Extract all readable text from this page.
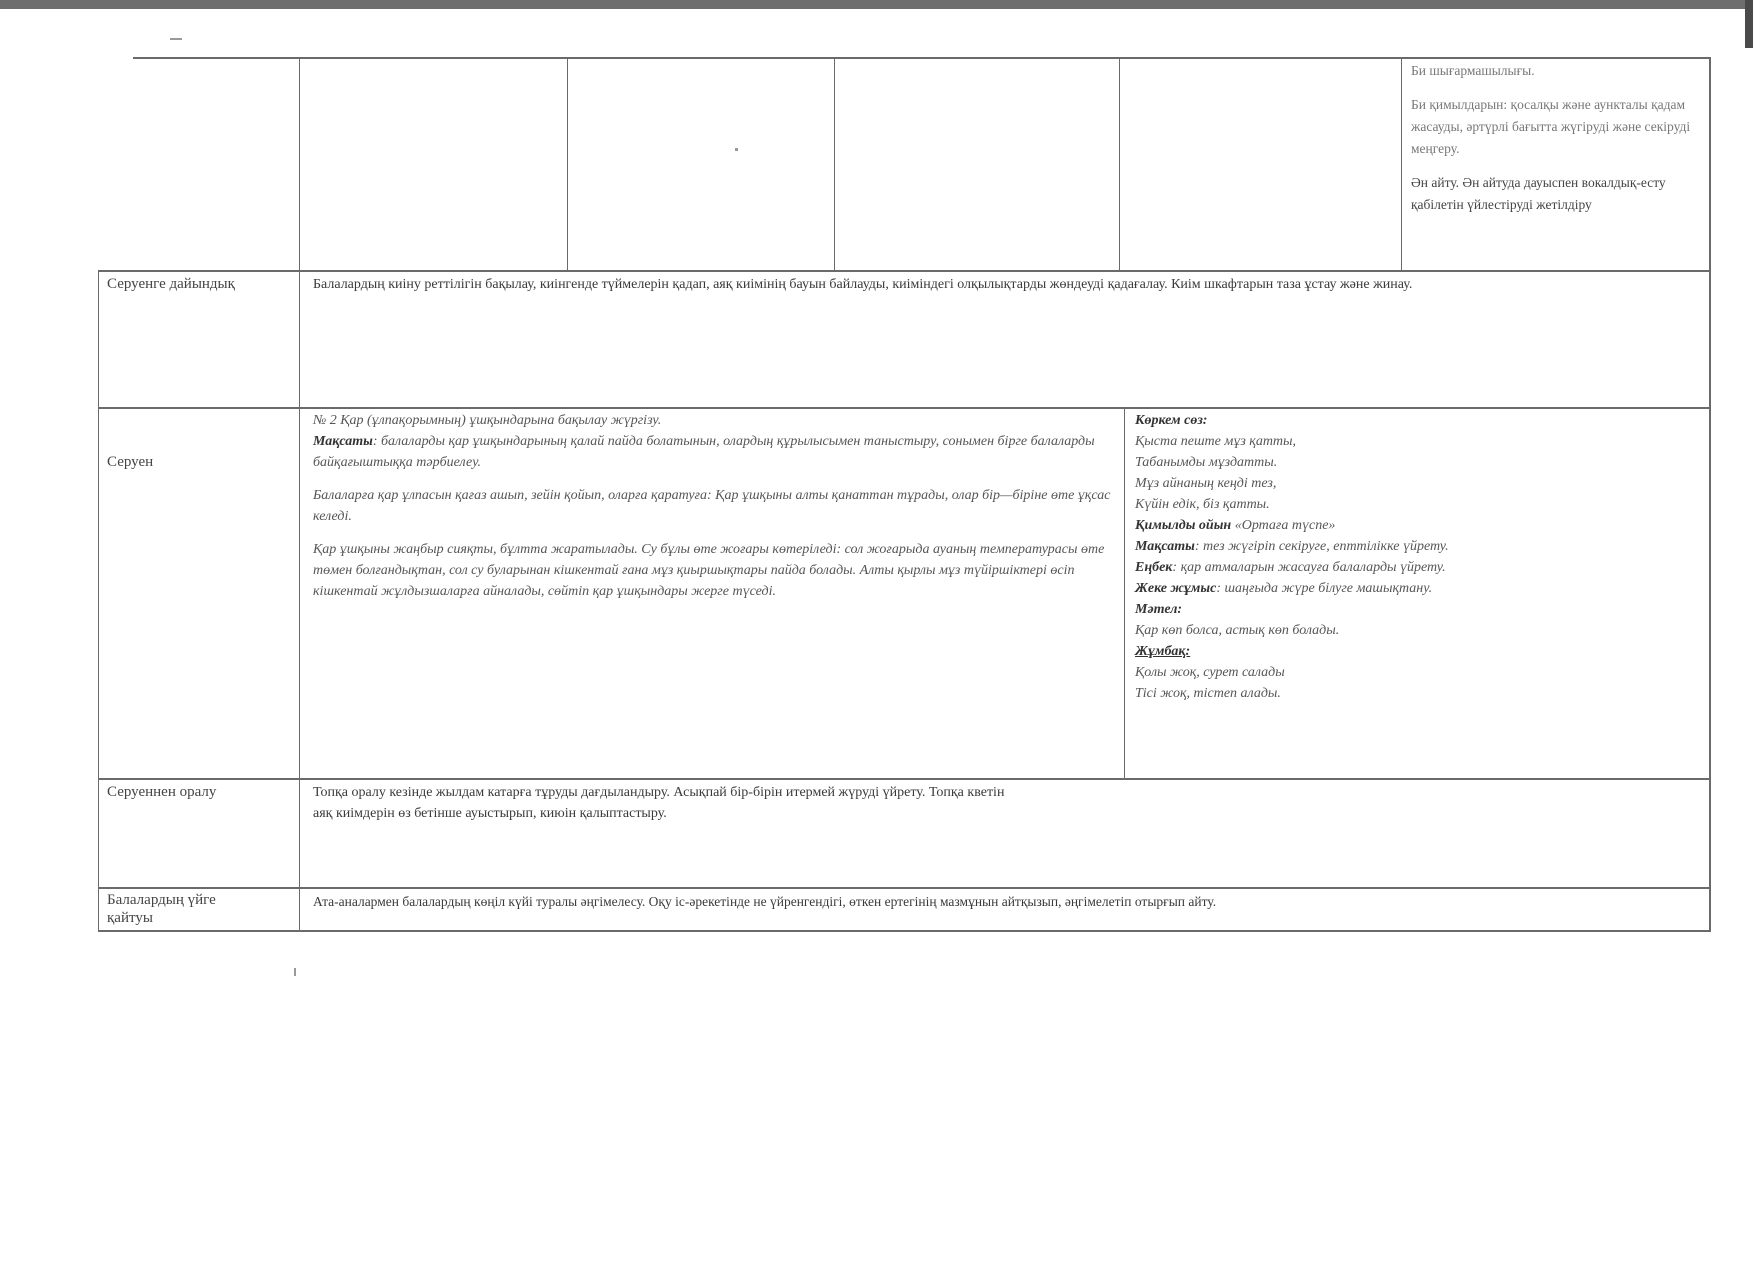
Би шығармашылығы.

Би қимылдарын: қосалқы және аункталы қадам жасауды, әртүрлі бағытта жүгіруді және секіруді меңгеру.

Ән айту. Ән айтуда дауыспен вокалдық-есту қабілетін үйлестіруді жетілдіру

Серуенге дайындық	Балалардың киіну реттілігін бақылау, киінгенде түймелерін қадап, аяқ киімінің бауын байлауды, киіміндегі олқылықтарды жөндеуді қадағалау. Киім шкафтарын таза ұстау және жинау.
Серуен

№ 2 Қар (ұлпақорымның) ұшқындарына бақылау жүргізу.

Мақсаты: балаларды қар ұшқындарының қалай пайда болатынын, олардың құрылысымен таныстыру, сонымен бірге балаларды байқағыштыққа тәрбиелеу.

Балаларға қар ұлпасын қағаз ашып, зейін қойып, оларға қаратуға: Қар ұшқыны алты қанаттан тұрады, олар бір—біріне өте ұқсас келеді.

Қар ұшқыны жаңбыр сияқты, бұлтта жаратылады. Су бұлы өте жоғары көтеріледі: сол жоғарыда ауаның температурасы өте төмен болғандықтан, сол су буларынан кішкентай ғана мұз қиыршықтары пайда болады. Алты қырлы мұз түйіршіктері өсіп кішкентай жұлдызшаларға айналады, сөйтіп қар ұшқындары жерге түседі.

Көркем сөз:

Қыста пеште мұз қатты,

Табанымды мұздатты.

Мұз айнаның кеңді тез,

Күйін едік, біз қатты.

Қимылды ойын «Ортаға түспе»

Мақсаты: тез жүгіріп секіруге, епттілікке үйрету.

Еңбек: қар атмаларын жасауға балаларды үйрету.

Жеке жұмыс: шаңғыда жүре білуге машықтану.

Мәтел:

Қар көп болса, астық көп болады.

Жұмбақ:

Қолы жоқ, сурет салады

Тісі жоқ, тістеп алады.

Серуеннен оралу	Топқа оралу кезінде жылдам катарға тұруды дағдыландыру. Асықпай бір-бірін итермей жүруді үйрету. Топқа кветін

аяқ киімдерін өз бетінше ауыстырып, киюін қалыптастыру.

Балалардың үйге қайтуы
Ата-аналармен балалардың көңіл күйі туралы әңгімелесу. Оқу іс-әрекетінде не үйренгендігі, өткен ертегінің мазмұнын айтқызып, әңгімелетіп отырғып айту.
